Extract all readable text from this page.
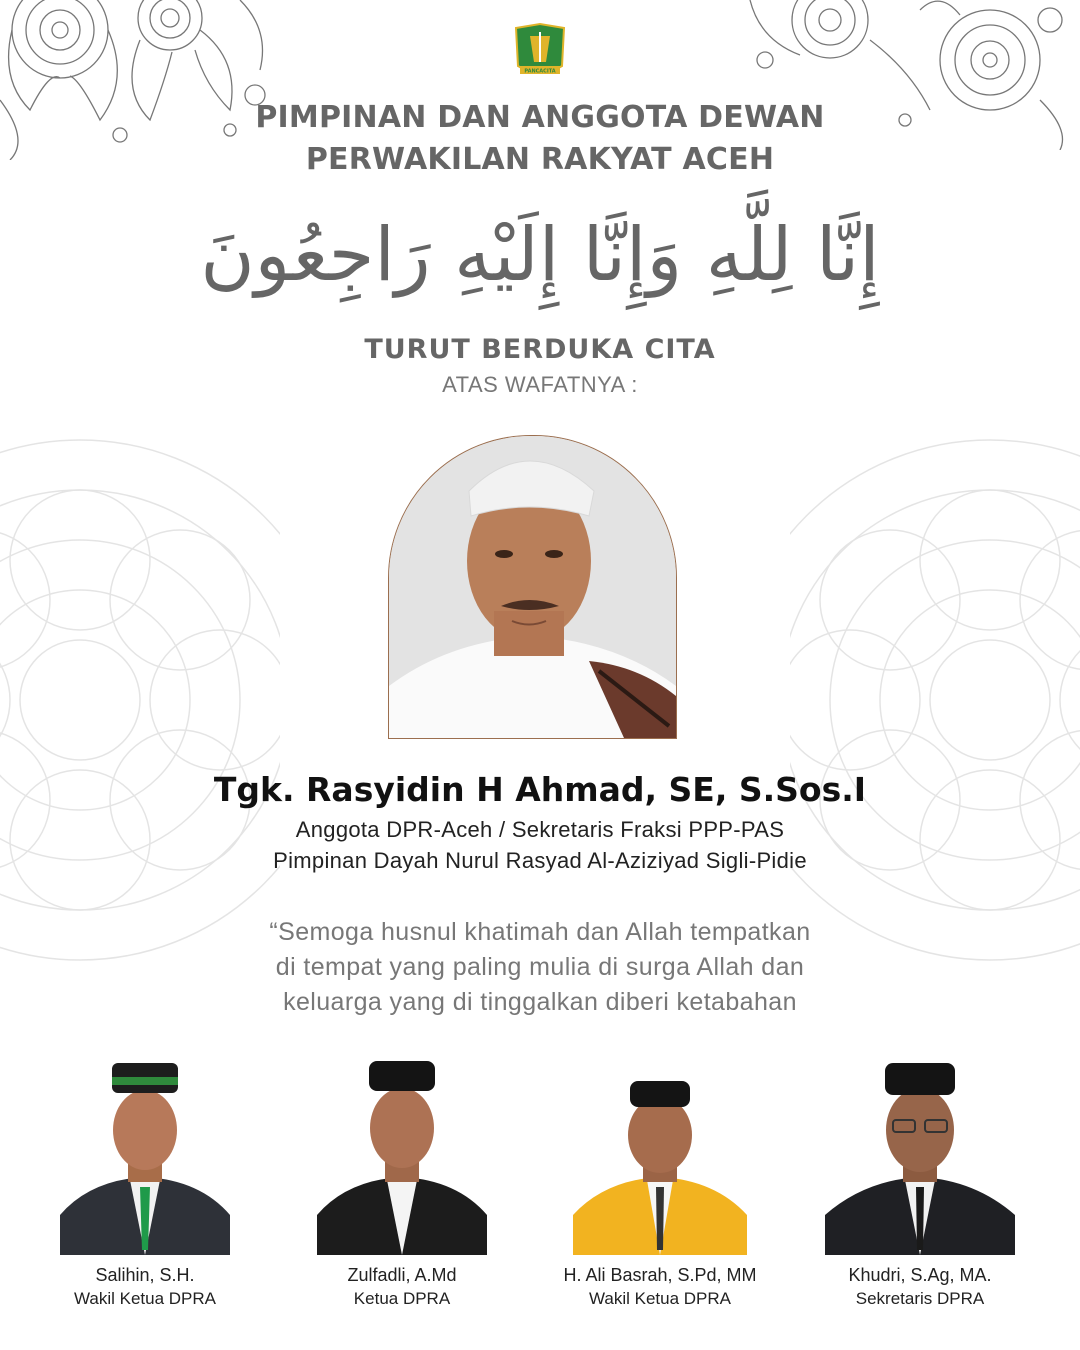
PANCACITA
PIMPINAN DAN ANGGOTA DEWAN
PERWAKILAN RAKYAT ACEH
إِنَّا لِلَّهِ وَإِنَّا إِلَيْهِ رَاجِعُونَ
TURUT BERDUKA CITA
ATAS WAFATNYA :
Tgk. Rasyidin H Ahmad, SE, S.Sos.I
Anggota DPR-Aceh / Sekretaris Fraksi PPP-PAS
Pimpinan Dayah Nurul Rasyad Al-Aziziyad Sigli-Pidie
“Semoga husnul khatimah dan Allah tempatkan
di tempat yang paling mulia di surga Allah dan
keluarga yang di tinggalkan diberi ketabahan
Salihin, S.H.
Wakil Ketua DPRA
Zulfadli, A.Md
Ketua DPRA
H. Ali Basrah, S.Pd, MM
Wakil Ketua DPRA
Khudri, S.Ag, MA.
Sekretaris DPRA
